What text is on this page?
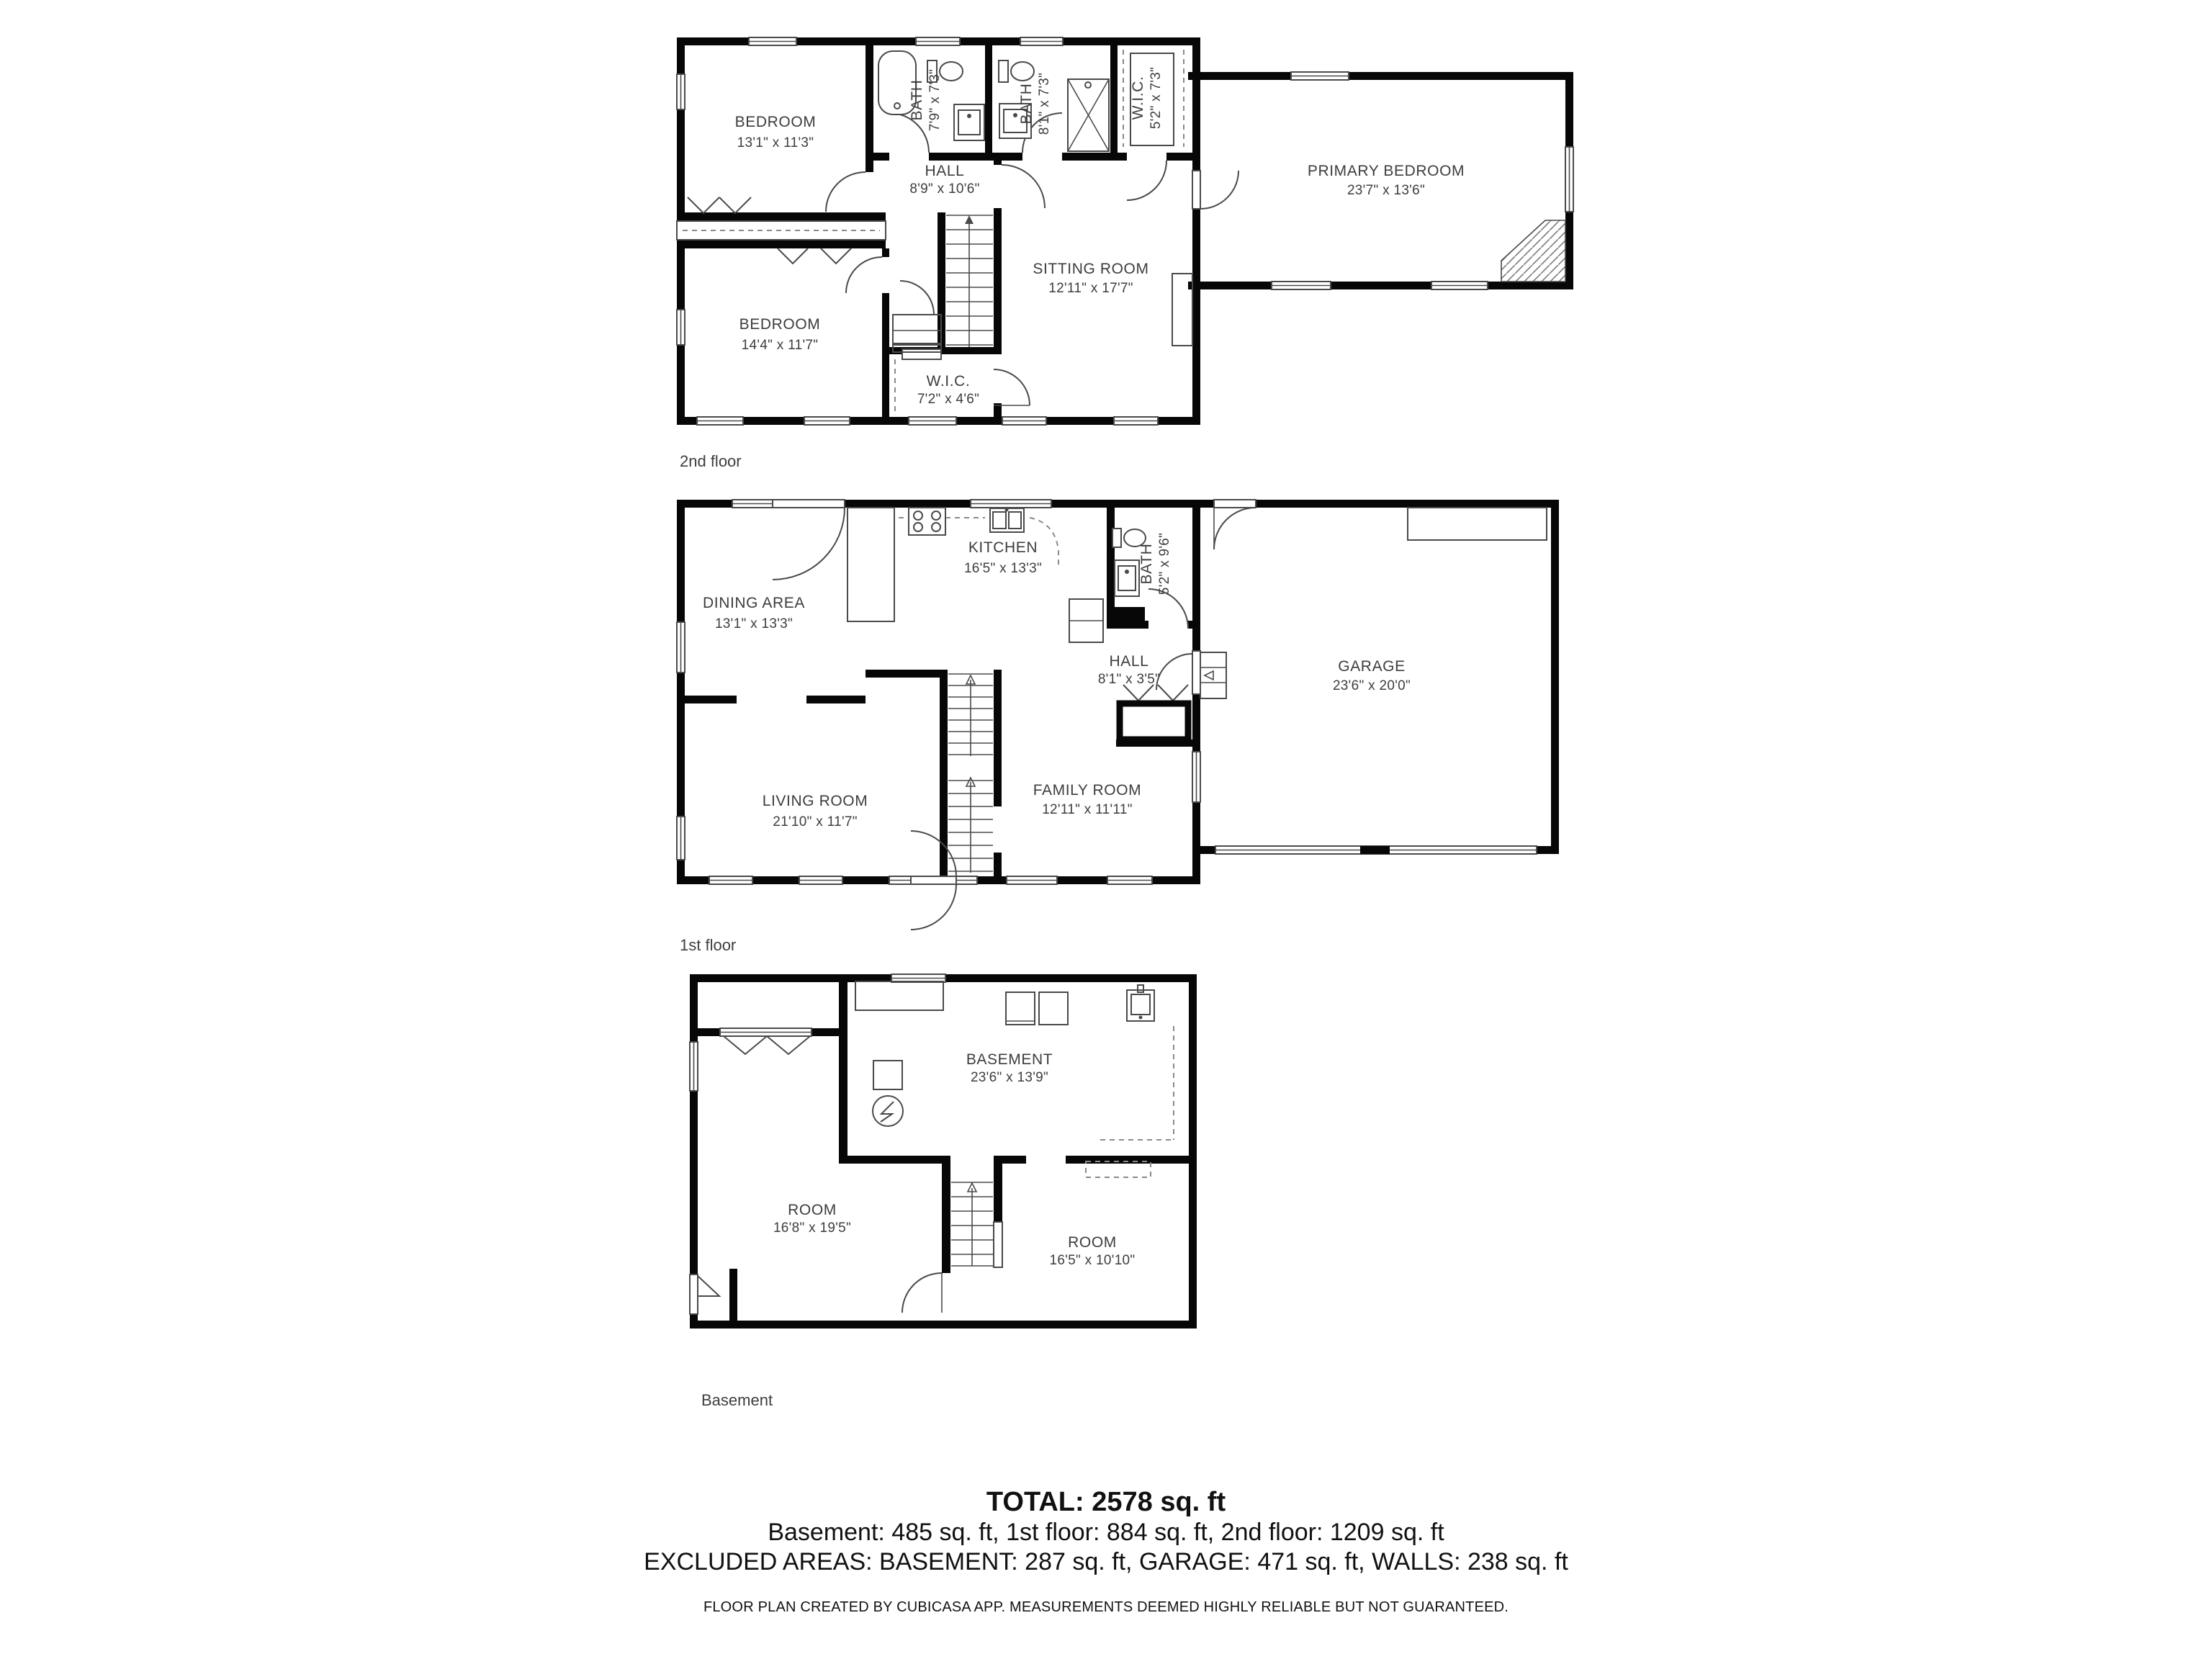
BEDROOM
13'1" x 11'3"
BATH 7'9" x 7'3"	BATH 8'1" x 7'3"	W.I.C. 5'2" x 7'3"
HALL
8'9" x 10'6"
PRIMARY BEDROOM
23'7" x 13'6"
SITTING ROOM
12'11" x 17'7"
BEDROOM
14'4" x 11'7"
W.I.C.
7'2" x 4'6"
2nd floor
DINING AREA
13'1" x 13'3"
KITCHEN
16'5" x 13'3"	BATH 5'2" x 9'6"
HALL
8'1" x 3'5"
GARAGE
23'6" x 20'0"
LIVING ROOM
21'10" x 11'7"
FAMILY ROOM
12'11" x 11'11"
1st floor
BASEMENT
23'6" x 13'9"
ROOM
16'8" x 19'5"
ROOM
16'5" x 10'10"
Basement
TOTAL: 2578 sq. ft
Basement: 485 sq. ft, 1st floor: 884 sq. ft, 2nd floor: 1209 sq. ft
EXCLUDED AREAS: BASEMENT: 287 sq. ft, GARAGE: 471 sq. ft, WALLS: 238 sq. ft
FLOOR PLAN CREATED BY CUBICASA APP. MEASUREMENTS DEEMED HIGHLY RELIABLE BUT NOT GUARANTEED.
